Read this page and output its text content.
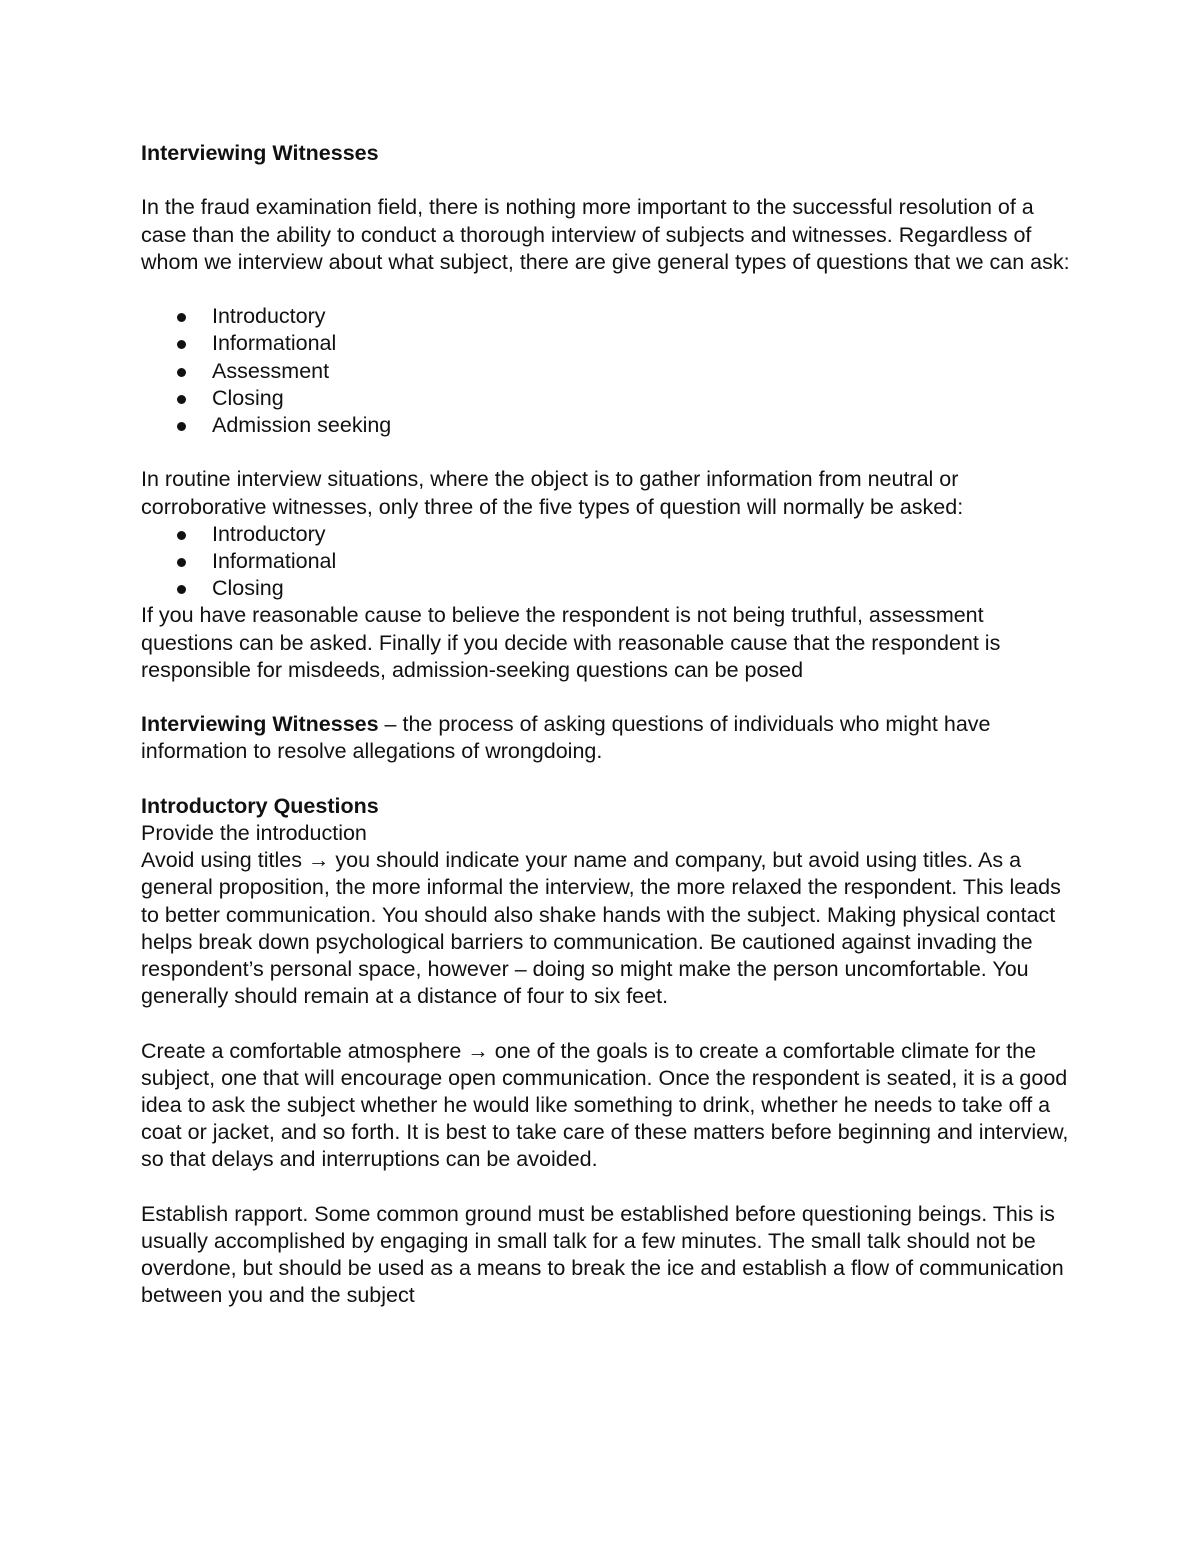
Interviewing Witnesses

In the fraud examination field, there is nothing more important to the successful resolution of a case than the ability to conduct a thorough interview of subjects and witnesses. Regardless of whom we interview about what subject, there are give general types of questions that we can ask:

Introductory
Informational
Assessment
Closing
Admission seeking

In routine interview situations, where the object is to gather information from neutral or corroborative witnesses, only three of the five types of question will normally be asked:

Introductory
Informational
Closing

If you have reasonable cause to believe the respondent is not being truthful, assessment questions can be asked. Finally if you decide with reasonable cause that the respondent is responsible for misdeeds, admission-seeking questions can be posed

Interviewing Witnesses – the process of asking questions of individuals who might have information to resolve allegations of wrongdoing.

Introductory Questions

Provide the introduction

Avoid using titles → you should indicate your name and company, but avoid using titles. As a general proposition, the more informal the interview, the more relaxed the respondent. This leads to better communication. You should also shake hands with the subject. Making physical contact helps break down psychological barriers to communication. Be cautioned against invading the respondent’s personal space, however – doing so might make the person uncomfortable. You generally should remain at a distance of four to six feet.

Create a comfortable atmosphere → one of the goals is to create a comfortable climate for the subject, one that will encourage open communication. Once the respondent is seated, it is a good idea to ask the subject whether he would like something to drink, whether he needs to take off a coat or jacket, and so forth. It is best to take care of these matters before beginning and interview, so that delays and interruptions can be avoided.

Establish rapport. Some common ground must be established before questioning beings. This is usually accomplished by engaging in small talk for a few minutes. The small talk should not be overdone, but should be used as a means to break the ice and establish a flow of communication between you and the subject
